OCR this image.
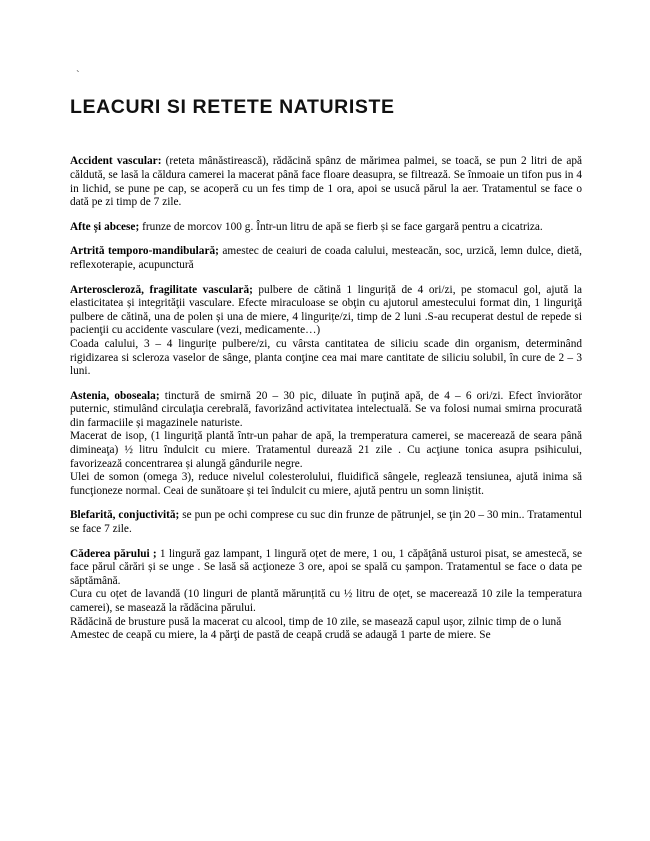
`
LEACURI SI RETETE NATURISTE

Accident vascular: (reteta mânăstirească), rădăcină spânz de mărimea palmei, se toacă, se pun 2 litri de apă căldută, se lasă la căldura camerei la macerat până face floare deasupra, se filtrează. Se înmoaie un tifon pus in 4 in lichid, se pune pe cap, se acoperă cu un fes timp de 1 ora, apoi se usucă părul la aer. Tratamentul se face o dată pe zi timp de 7 zile.

Afte și abcese; frunze de morcov 100 g. Într-un litru de apă se fierb și se face gargară pentru a cicatriza.

Artrită temporo-mandibulară; amestec de ceaiuri de coada calului, mesteacăn, soc, urzică, lemn dulce, dietă, reflexoterapie, acupunctură

Arteroscleroză, fragilitate vasculară; pulbere de cătină 1 linguriță de 4 ori/zi, pe stomacul gol, ajută la elasticitatea și integrităţii vasculare. Efecte miraculoase se obţin cu ajutorul amestecului format din, 1 linguriţă pulbere de cătină, una de polen și una de miere, 4 lingurițe/zi, timp de 2 luni .S-au recuperat destul de repede si pacienţii cu accidente vasculare (vezi, medicamente…)
Coada calului, 3 – 4 lingurițe pulbere/zi, cu vârsta cantitatea de siliciu scade din organism, determinând rigidizarea si scleroza vaselor de sânge, planta conţine cea mai mare cantitate de siliciu solubil, în cure de 2 – 3 luni.

Astenia, oboseala; tinctură de smirnă 20 – 30 pic, diluate în puţină apă, de 4 – 6 ori/zi. Efect înviorător puternic, stimulând circulaţia cerebrală, favorizând activitatea intelectuală. Se va folosi numai smirna procurată din farmaciile și magazinele naturiste.
Macerat de isop, (1 linguriță plantă într-un pahar de apă, la tremperatura camerei, se macerează de seara până dimineaţa) ½ litru îndulcit cu miere. Tratamentul durează 21 zile . Cu acţiune tonica asupra psihicului, favorizează concentrarea și alungă gândurile negre.
Ulei de somon (omega 3), reduce nivelul colesterolului, fluidifică sângele, reglează tensiunea, ajută inima să funcţioneze normal. Ceai de sunătoare și tei îndulcit cu miere, ajută pentru un somn liniștit.

Blefarită, conjuctivită; se pun pe ochi comprese cu suc din frunze de pătrunjel, se ţin 20 – 30 min.. Tratamentul se face 7 zile.

Căderea părului ; 1 lingură gaz lampant, 1 lingură oțet de mere, 1 ou, 1 căpăţână usturoi pisat, se amestecă, se face părul cărări și se unge . Se lasă să acţioneze 3 ore, apoi se spală cu șampon. Tratamentul se face o data pe săptămână.
Cura cu oțet de lavandă (10 linguri de plantă mărunțită cu ½ litru de oțet, se macerează 10 zile la temperatura camerei), se masează la rădăcina părului.
Rădăcină de brusture pusă la macerat cu alcool, timp de 10 zile, se masează capul ușor, zilnic timp de o lună
Amestec de ceapă cu miere, la 4 părţi de pastă de ceapă crudă se adaugă 1 parte de miere. Se
